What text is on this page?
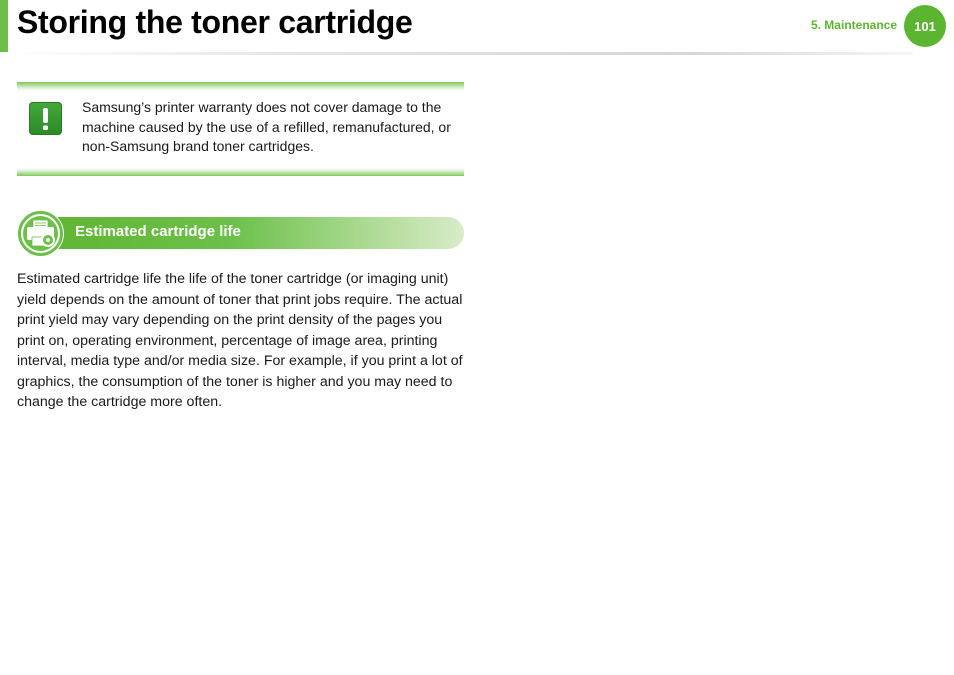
Storing the toner cartridge	5. Maintenance	101

Samsung’s printer warranty does not cover damage to the machine caused by the use of a refilled, remanufactured, or non-Samsung brand toner cartridges.

Estimated cartridge life

Estimated cartridge life the life of the toner cartridge (or imaging unit) yield depends on the amount of toner that print jobs require. The actual print yield may vary depending on the print density of the pages you print on, operating environment, percentage of image area, printing interval, media type and/or media size. For example, if you print a lot of graphics, the consumption of the toner is higher and you may need to change the cartridge more often.
